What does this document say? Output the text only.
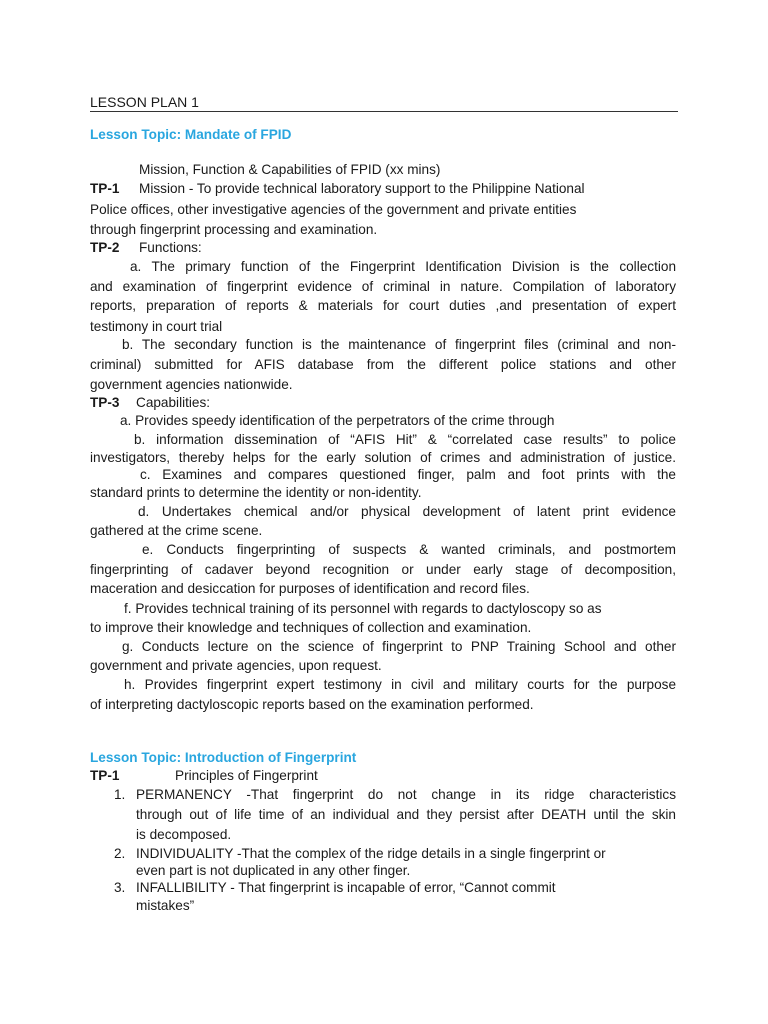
LESSON PLAN 1
Lesson Topic: Mandate of FPID
Mission, Function & Capabilities of FPID (xx mins)
TP-1 Mission - To provide technical laboratory support to the Philippine National
Police offices, other investigative agencies of the government and private entities
through fingerprint processing and examination.
TP-2 Functions:
a. The primary function of the Fingerprint Identification Division is the collection
and examination of fingerprint evidence of criminal in nature. Compilation of laboratory
reports, preparation of reports & materials for court duties ,and presentation of expert
testimony in court trial
b. The secondary function is the maintenance of fingerprint files (criminal and non-
criminal) submitted for AFIS database from the different police stations and other
government agencies nationwide.
TP-3 Capabilities:
a. Provides speedy identification of the perpetrators of the crime through
b. information dissemination of “AFIS Hit” & “correlated case results” to police
investigators, thereby helps for the early solution of crimes and administration of justice.
c. Examines and compares questioned finger, palm and foot prints with the
standard prints to determine the identity or non-identity.
d. Undertakes chemical and/or physical development of latent print evidence
gathered at the crime scene.
e. Conducts fingerprinting of suspects & wanted criminals, and postmortem
fingerprinting of cadaver beyond recognition or under early stage of decomposition,
maceration and desiccation for purposes of identification and record files.
f. Provides technical training of its personnel with regards to dactyloscopy so as
to improve their knowledge and techniques of collection and examination.
g. Conducts lecture on the science of fingerprint to PNP Training School and other
government and private agencies, upon request.
h. Provides fingerprint expert testimony in civil and military courts for the purpose
of interpreting dactyloscopic reports based on the examination performed.
Lesson Topic: Introduction of Fingerprint
TP-1	Principles of Fingerprint
1. PERMANENCY -That fingerprint do not change in its ridge characteristics
through out of life time of an individual and they persist after DEATH until the skin
is decomposed.
2. INDIVIDUALITY -That the complex of the ridge details in a single fingerprint or
even part is not duplicated in any other finger.
3. INFALLIBILITY - That fingerprint is incapable of error, “Cannot commit
mistakes”
